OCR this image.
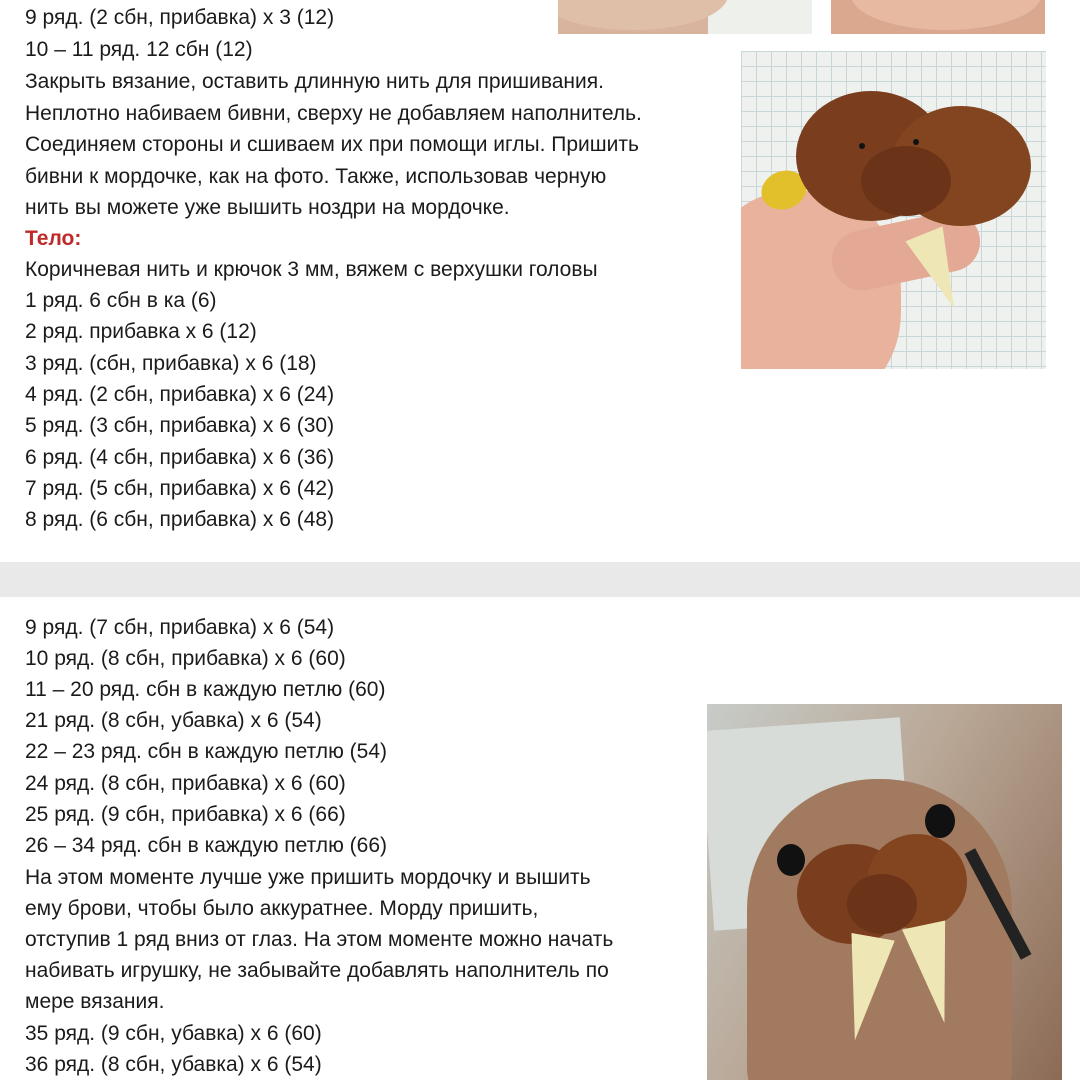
9 ряд. (2 сбн, прибавка) х 3 (12)

10 – 11 ряд. 12 сбн (12)

Закрыть вязание, оставить длинную нить для пришивания.

Неплотно набиваем бивни, сверху не добавляем наполнитель.

Соединяем стороны и сшиваем их при помощи иглы. Пришить

бивни к мордочке, как на фото. Также, использовав черную

нить вы можете уже вышить ноздри на мордочке.

Тело:

Коричневая нить и крючок 3 мм, вяжем с верхушки головы

1 ряд. 6 сбн в ка (6)

2 ряд. прибавка х 6 (12)

3 ряд. (сбн, прибавка) х 6 (18)

4 ряд. (2 сбн, прибавка) х 6 (24)

5 ряд. (3 сбн, прибавка) х 6 (30)

6 ряд. (4 сбн, прибавка) х 6 (36)

7 ряд. (5 сбн, прибавка) х 6 (42)

8 ряд. (6 сбн, прибавка) х 6 (48)

9 ряд. (7 сбн, прибавка) х 6 (54)

10 ряд. (8 сбн, прибавка) х 6 (60)

11 – 20 ряд. сбн в каждую петлю (60)

21 ряд. (8 сбн, убавка) х 6 (54)

22 – 23 ряд. сбн в каждую петлю (54)

24 ряд. (8 сбн, прибавка) х 6 (60)

25 ряд. (9 сбн, прибавка) х 6 (66)

26 – 34 ряд. сбн в каждую петлю (66)

На этом моменте лучше уже пришить мордочку и вышить

ему брови, чтобы было аккуратнее. Морду пришить,

отступив 1 ряд вниз от глаз. На этом моменте можно начать

набивать игрушку, не забывайте добавлять наполнитель по

мере вязания.

35 ряд. (9 сбн, убавка) х 6 (60)

36 ряд. (8 сбн, убавка) х 6 (54)
